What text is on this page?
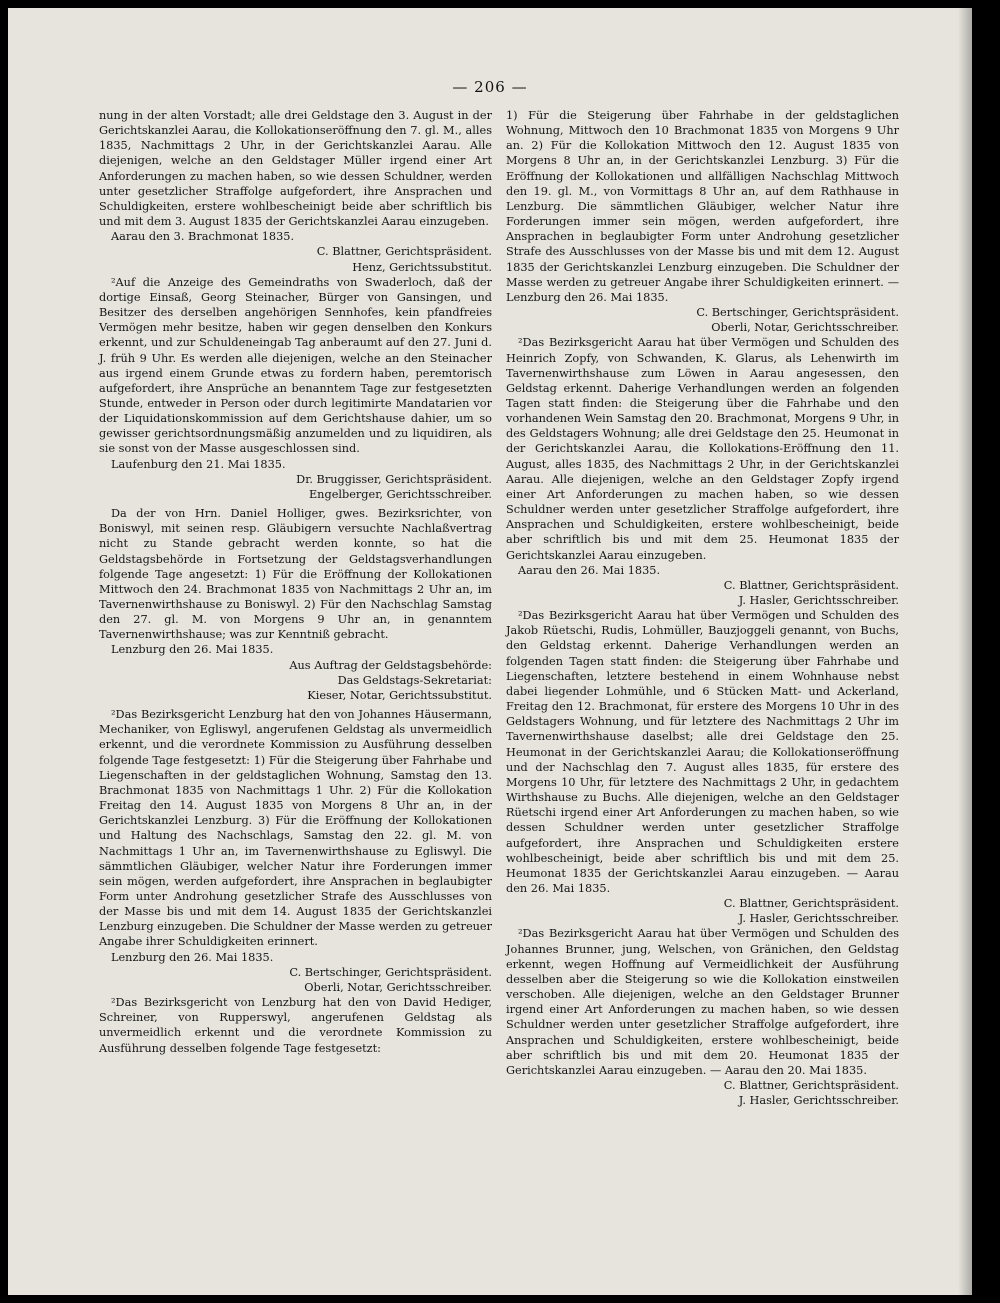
— 206 —

nung in der alten Vorstadt; alle drei Geldstage den 3. August in der Gerichtskanzlei Aarau, die Kollokationseröffnung den 7. gl. M., alles 1835, Nachmittags 2 Uhr, in der Gerichtskanzlei Aarau. Alle diejenigen, welche an den Geldstager Müller irgend einer Art Anforderungen zu machen haben, so wie dessen Schuldner, werden unter gesetzlicher Straffolge aufgefordert, ihre Ansprachen und Schuldigkeiten, erstere wohlbescheinigt beide aber schriftlich bis und mit dem 3. August 1835 der Gerichtskanzlei Aarau einzugeben.

Aarau den 3. Brachmonat 1835.

C. Blattner, Gerichtspräsident.

Henz, Gerichtssubstitut.

²Auf die Anzeige des Gemeindraths von Swaderloch, daß der dortige Einsaß, Georg Steinacher, Bürger von Gansingen, und Besitzer des derselben angehörigen Sennhofes, kein pfandfreies Vermögen mehr besitze, haben wir gegen denselben den Konkurs erkennt, und zur Schuldeneingab Tag anberaumt auf den 27. Juni d. J. früh 9 Uhr. Es werden alle diejenigen, welche an den Steinacher aus irgend einem Grunde etwas zu fordern haben, peremtorisch aufgefordert, ihre Ansprüche an benanntem Tage zur festgesetzten Stunde, entweder in Person oder durch legitimirte Mandatarien vor der Liquidationskommission auf dem Gerichtshause dahier, um so gewisser gerichtsordnungsmäßig anzumelden und zu liquidiren, als sie sonst von der Masse ausgeschlossen sind.

Laufenburg den 21. Mai 1835.

Dr. Bruggisser, Gerichtspräsident.

Engelberger, Gerichtsschreiber.

Da der von Hrn. Daniel Holliger, gwes. Bezirksrichter, von Boniswyl, mit seinen resp. Gläubigern versuchte Nachlaßvertrag nicht zu Stande gebracht werden konnte, so hat die Geldstagsbehörde in Fortsetzung der Geldstagsverhandlungen folgende Tage angesetzt: 1) Für die Eröffnung der Kollokationen Mittwoch den 24. Brachmonat 1835 von Nachmittags 2 Uhr an, im Tavernenwirthshause zu Boniswyl. 2) Für den Nachschlag Samstag den 27. gl. M. von Morgens 9 Uhr an, in genanntem Tavernenwirthshause; was zur Kenntniß gebracht.

Lenzburg den 26. Mai 1835.

Aus Auftrag der Geldstagsbehörde:

Das Geldstags-Sekretariat:

Kieser, Notar, Gerichtssubstitut.

²Das Bezirksgericht Lenzburg hat den von Johannes Häusermann, Mechaniker, von Egliswyl, angerufenen Geldstag als unvermeidlich erkennt, und die verordnete Kommission zu Ausführung desselben folgende Tage festgesetzt: 1) Für die Steigerung über Fahrhabe und Liegenschaften in der geldstaglichen Wohnung, Samstag den 13. Brachmonat 1835 von Nachmittags 1 Uhr. 2) Für die Kollokation Freitag den 14. August 1835 von Morgens 8 Uhr an, in der Gerichtskanzlei Lenzburg. 3) Für die Eröffnung der Kollokationen und Haltung des Nachschlags, Samstag den 22. gl. M. von Nachmittags 1 Uhr an, im Tavernenwirthshause zu Egliswyl. Die sämmtlichen Gläubiger, welcher Natur ihre Forderungen immer sein mögen, werden aufgefordert, ihre Ansprachen in beglaubigter Form unter Androhung gesetzlicher Strafe des Ausschlusses von der Masse bis und mit dem 14. August 1835 der Gerichtskanzlei Lenzburg einzugeben. Die Schuldner der Masse werden zu getreuer Angabe ihrer Schuldigkeiten erinnert.

Lenzburg den 26. Mai 1835.

C. Bertschinger, Gerichtspräsident.

Oberli, Notar, Gerichtsschreiber.

²Das Bezirksgericht von Lenzburg hat den von David Hediger, Schreiner, von Rupperswyl, angerufenen Geldstag als unvermeidlich erkennt und die verordnete Kommission zu Ausführung desselben folgende Tage festgesetzt:

1) Für die Steigerung über Fahrhabe in der geldstaglichen Wohnung, Mittwoch den 10 Brachmonat 1835 von Morgens 9 Uhr an. 2) Für die Kollokation Mittwoch den 12. August 1835 von Morgens 8 Uhr an, in der Gerichtskanzlei Lenzburg. 3) Für die Eröffnung der Kollokationen und allfälligen Nachschlag Mittwoch den 19. gl. M., von Vormittags 8 Uhr an, auf dem Rathhause in Lenzburg. Die sämmtlichen Gläubiger, welcher Natur ihre Forderungen immer sein mögen, werden aufgefordert, ihre Ansprachen in beglaubigter Form unter Androhung gesetzlicher Strafe des Ausschlusses von der Masse bis und mit dem 12. August 1835 der Gerichtskanzlei Lenzburg einzugeben. Die Schuldner der Masse werden zu getreuer Angabe ihrer Schuldigkeiten erinnert. — Lenzburg den 26. Mai 1835.

C. Bertschinger, Gerichtspräsident.

Oberli, Notar, Gerichtsschreiber.

²Das Bezirksgericht Aarau hat über Vermögen und Schulden des Heinrich Zopfy, von Schwanden, K. Glarus, als Lehenwirth im Tavernenwirthshause zum Löwen in Aarau angesessen, den Geldstag erkennt. Daherige Verhandlungen werden an folgenden Tagen statt finden: die Steigerung über die Fahrhabe und den vorhandenen Wein Samstag den 20. Brachmonat, Morgens 9 Uhr, in des Geldstagers Wohnung; alle drei Geldstage den 25. Heumonat in der Gerichtskanzlei Aarau, die Kollokations-Eröffnung den 11. August, alles 1835, des Nachmittags 2 Uhr, in der Gerichtskanzlei Aarau. Alle diejenigen, welche an den Geldstager Zopfy irgend einer Art Anforderungen zu machen haben, so wie dessen Schuldner werden unter gesetzlicher Straffolge aufgefordert, ihre Ansprachen und Schuldigkeiten, erstere wohlbescheinigt, beide aber schriftlich bis und mit dem 25. Heumonat 1835 der Gerichtskanzlei Aarau einzugeben.

Aarau den 26. Mai 1835.

C. Blattner, Gerichtspräsident.

J. Hasler, Gerichtsschreiber.

²Das Bezirksgericht Aarau hat über Vermögen und Schulden des Jakob Rüetschi, Rudis, Lohmüller, Bauzjoggeli genannt, von Buchs, den Geldstag erkennt. Daherige Verhandlungen werden an folgenden Tagen statt finden: die Steigerung über Fahrhabe und Liegenschaften, letztere bestehend in einem Wohnhause nebst dabei liegender Lohmühle, und 6 Stücken Matt- und Ackerland, Freitag den 12. Brachmonat, für erstere des Morgens 10 Uhr in des Geldstagers Wohnung, und für letztere des Nachmittags 2 Uhr im Tavernenwirthshause daselbst; alle drei Geldstage den 25. Heumonat in der Gerichtskanzlei Aarau; die Kollokationseröffnung und der Nachschlag den 7. August alles 1835, für erstere des Morgens 10 Uhr, für letztere des Nachmittags 2 Uhr, in gedachtem Wirthshause zu Buchs. Alle diejenigen, welche an den Geldstager Rüetschi irgend einer Art Anforderungen zu machen haben, so wie dessen Schuldner werden unter gesetzlicher Straffolge aufgefordert, ihre Ansprachen und Schuldigkeiten erstere wohlbescheinigt, beide aber schriftlich bis und mit dem 25. Heumonat 1835 der Gerichtskanzlei Aarau einzugeben. — Aarau den 26. Mai 1835.

C. Blattner, Gerichtspräsident.

J. Hasler, Gerichtsschreiber.

²Das Bezirksgericht Aarau hat über Vermögen und Schulden des Johannes Brunner, jung, Welschen, von Gränichen, den Geldstag erkennt, wegen Hoffnung auf Vermeidlichkeit der Ausführung desselben aber die Steigerung so wie die Kollokation einstweilen verschoben. Alle diejenigen, welche an den Geldstager Brunner irgend einer Art Anforderungen zu machen haben, so wie dessen Schuldner werden unter gesetzlicher Straffolge aufgefordert, ihre Ansprachen und Schuldigkeiten, erstere wohlbescheinigt, beide aber schriftlich bis und mit dem 20. Heumonat 1835 der Gerichtskanzlei Aarau einzugeben. — Aarau den 20. Mai 1835.

C. Blattner, Gerichtspräsident.

J. Hasler, Gerichtsschreiber.
